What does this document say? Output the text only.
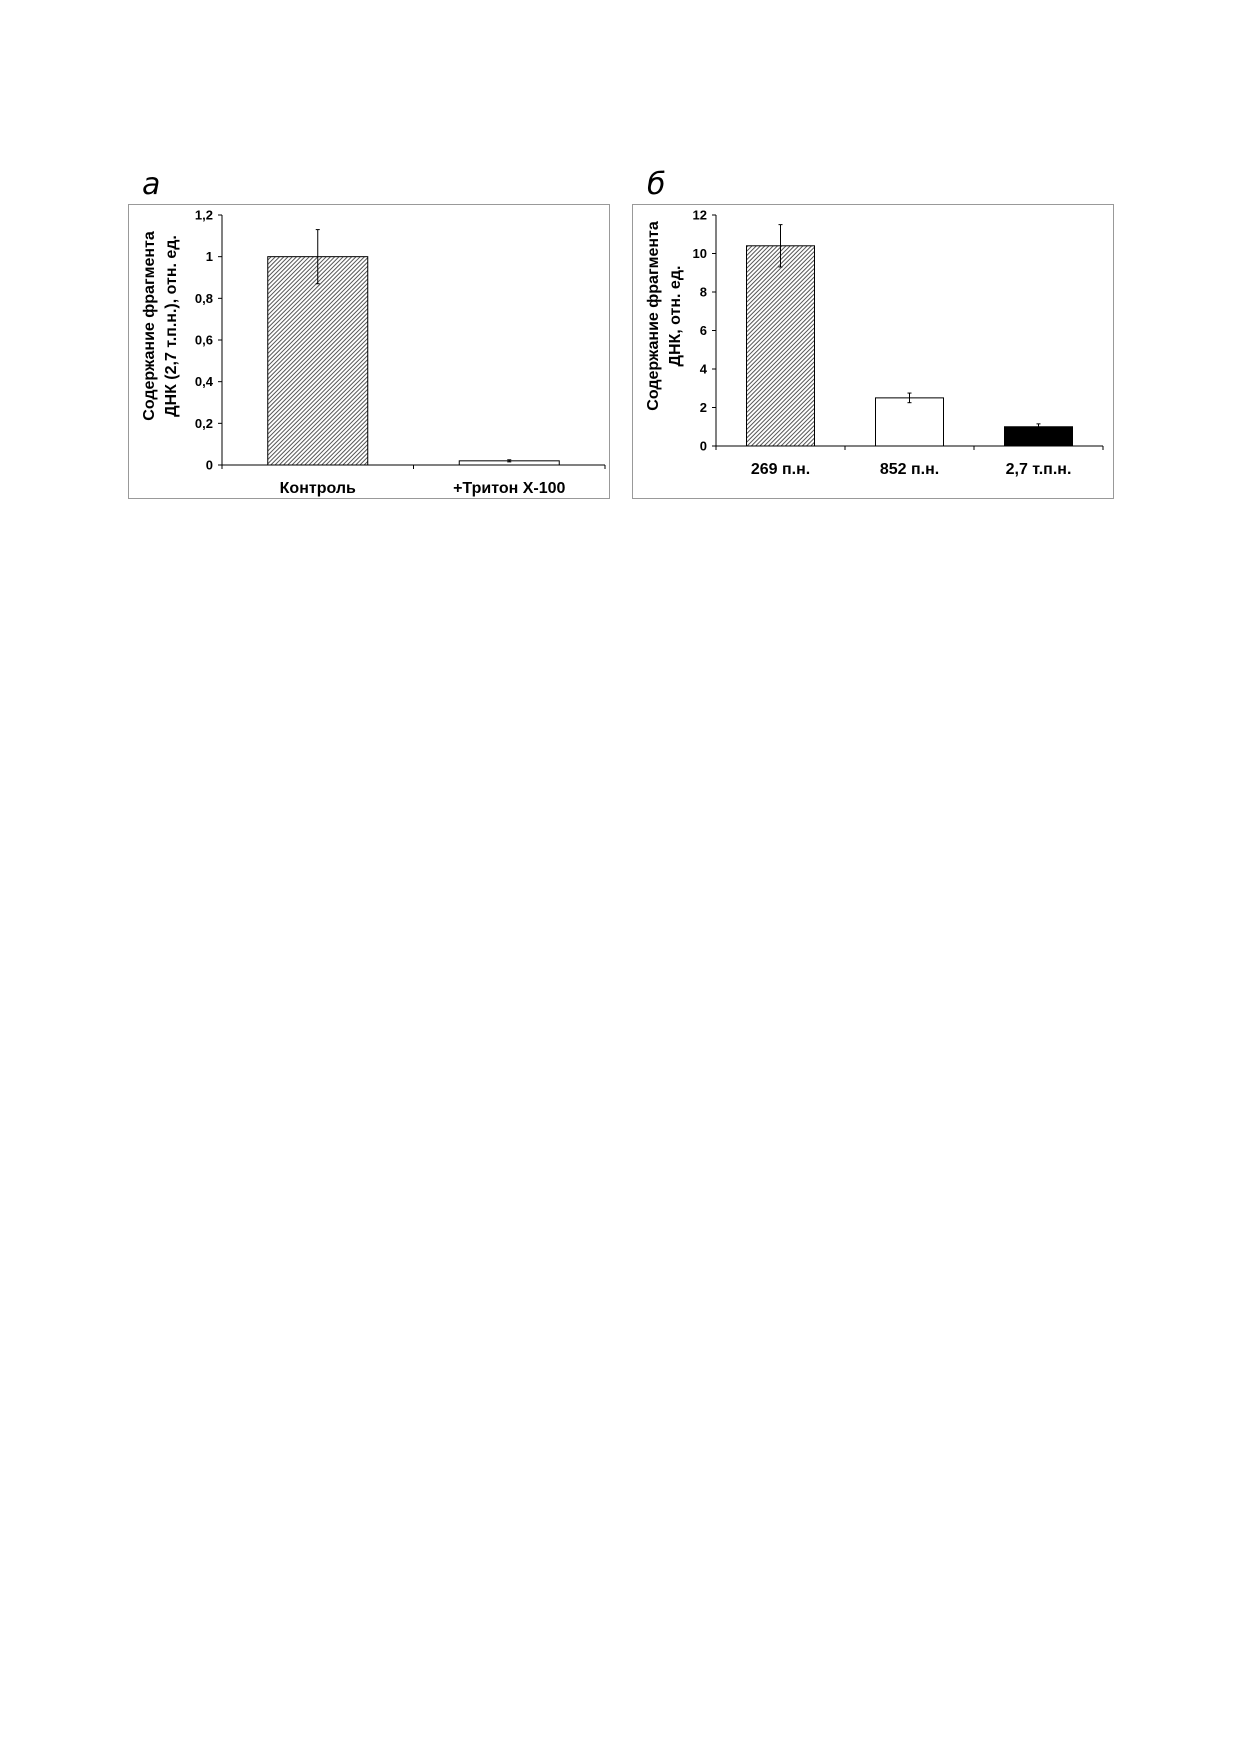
а	б
Содержание фрагмента ДНК (2,7 т.п.н.), отн. ед.
0
0,2
0,4
0,6
0,8
1
1,2
Контроль	+Тритон Х-100
Содержание фрагмента ДНК, отн. ед.
0
2
4
6
8
10
12
269 п.н.	852 п.н.	2,7 т.п.н.
